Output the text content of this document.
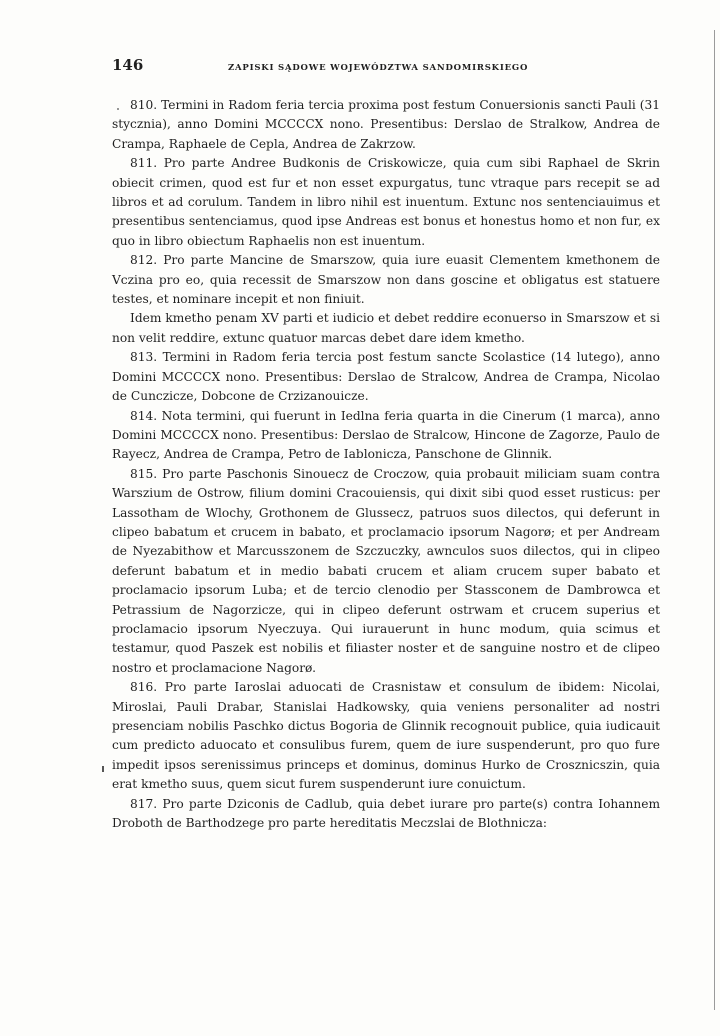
146	ZAPISKI SĄDOWE WOJEWÓDZTWA SANDOMIRSKIEGO

810. Termini in Radom feria tercia proxima post festum Conuersionis sancti Pauli (31 stycznia), anno Domini MCCCCX nono. Presentibus: Derslao de Stralkow, Andrea de Crampa, Raphaele de Cepla, Andrea de Zakrzow.

811. Pro parte Andree Budkonis de Criskowicze, quia cum sibi Raphael de Skrin obiecit crimen, quod est fur et non esset expurgatus, tunc vtraque pars recepit se ad libros et ad corulum. Tandem in libro nihil est inuentum. Extunc nos sentenciauimus et presentibus sentenciamus, quod ipse Andreas est bonus et honestus homo et non fur, ex quo in libro obiectum Raphaelis non est inuentum.

812. Pro parte Mancine de Smarszow, quia iure euasit Clementem kmethonem de Vczina pro eo, quia recessit de Smarszow non dans goscine et obligatus est statuere testes, et nominare incepit et non finiuit.

Idem kmetho penam XV parti et iudicio et debet reddire econuerso in Smarszow et si non velit reddire, extunc quatuor marcas debet dare idem kmetho.

813. Termini in Radom feria tercia post festum sancte Scolastice (14 lutego), anno Domini MCCCCX nono. Presentibus: Derslao de Stralcow, Andrea de Crampa, Nicolao de Cunczicze, Dobcone de Crzizanouicze.

814. Nota termini, qui fuerunt in Iedlna feria quarta in die Cinerum (1 marca), anno Domini MCCCCX nono. Presentibus: Derslao de Stralcow, Hincone de Zagorze, Paulo de Rayecz, Andrea de Crampa, Petro de Iablonicza, Panschone de Glinnik.

815. Pro parte Paschonis Sinouecz de Croczow, quia probauit miliciam suam contra Warszium de Ostrow, filium domini Cracouiensis, qui dixit sibi quod esset rusticus: per Lassotham de Wlochy, Grothonem de Glussecz, patruos suos dilectos, qui deferunt in clipeo babatum et crucem in babato, et proclamacio ipsorum Nagorø; et per Andream de Nyezabithow et Marcusszonem de Szczuczky, awnculos suos dilectos, qui in clipeo deferunt babatum et in medio babati crucem et aliam crucem super babato et proclamacio ipsorum Luba; et de tercio clenodio per Stassconem de Dambrowca et Petrassium de Nagorzicze, qui in clipeo deferunt ostrwam et crucem superius et proclamacio ipsorum Nyeczuya. Qui iurauerunt in hunc modum, quia scimus et testamur, quod Paszek est nobilis et filiaster noster et de sanguine nostro et de clipeo nostro et proclamacione Nagorø.

816. Pro parte Iaroslai aduocati de Crasnistaw et consulum de ibidem: Nicolai, Miroslai, Pauli Drabar, Stanislai Hadkowsky, quia veniens personaliter ad nostri presenciam nobilis Paschko dictus Bogoria de Glinnik recognouit publice, quia iudicauit cum predicto aduocato et consulibus furem, quem de iure suspenderunt, pro quo fure impedit ipsos serenissimus princeps et dominus, dominus Hurko de Crosznicszin, quia erat kmetho suus, quem sicut furem suspenderunt iure conuictum.

817. Pro parte Dziconis de Cadlub, quia debet iurare pro parte(s) contra Iohannem Droboth de Barthodzege pro parte hereditatis Meczslai de Blothnicza:
